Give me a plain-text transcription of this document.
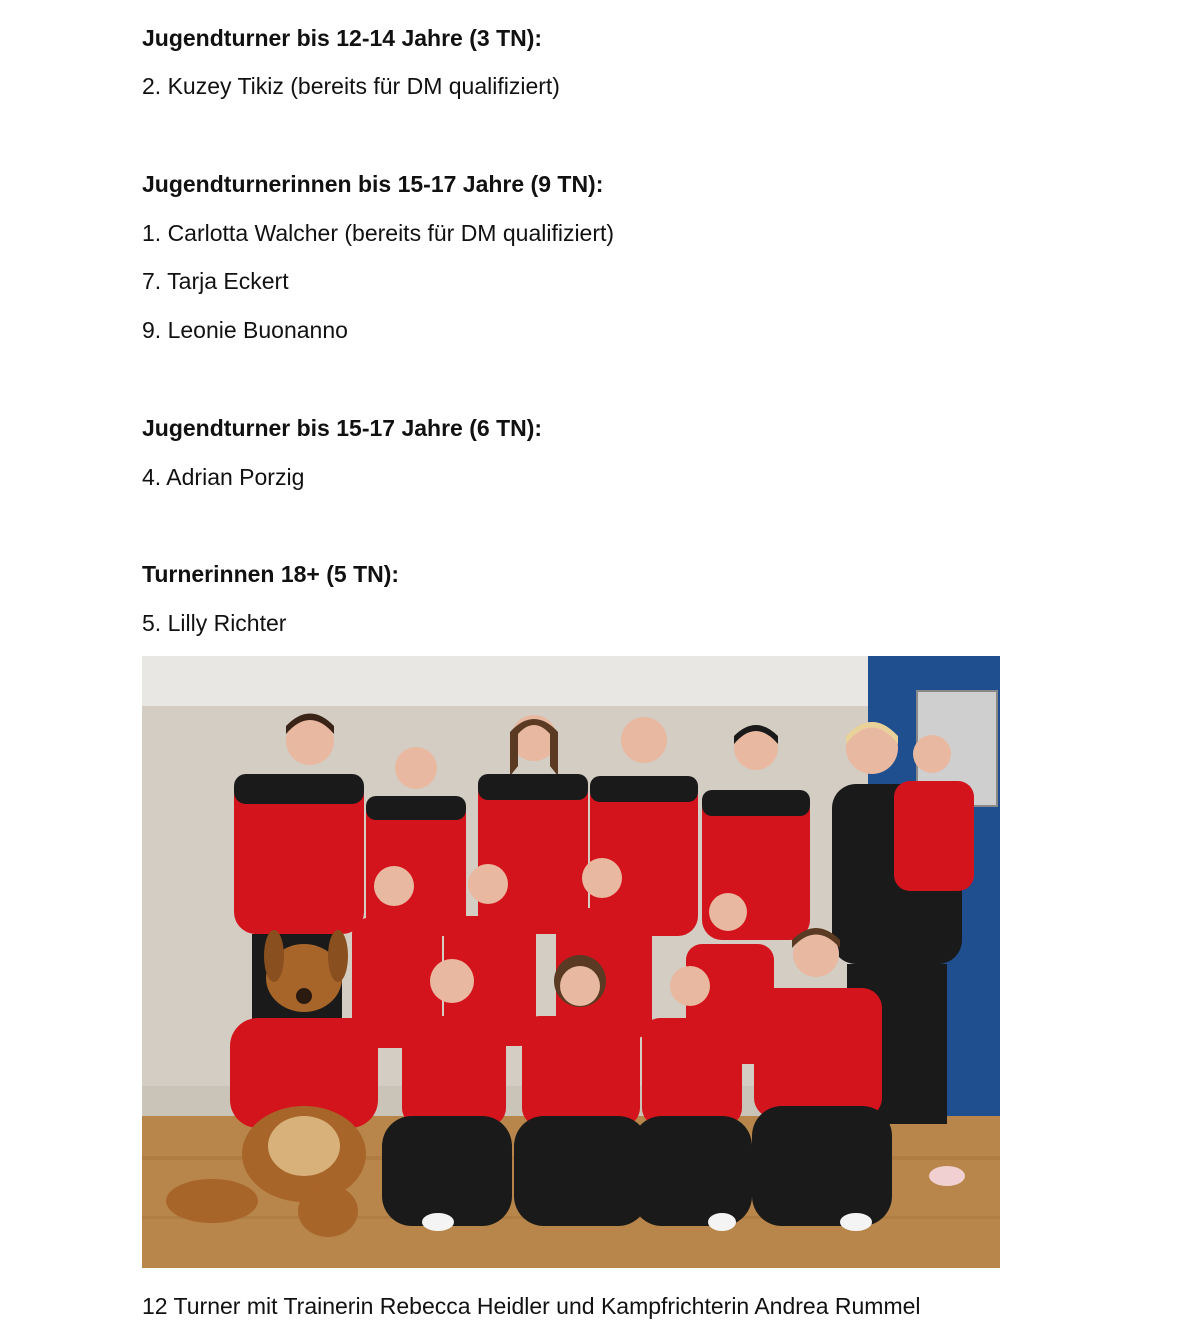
Jugendturner bis 12-14 Jahre (3 TN):
2. Kuzey Tikiz (bereits für DM qualifiziert)
Jugendturnerinnen bis 15-17 Jahre (9 TN):
1. Carlotta Walcher (bereits für DM qualifiziert)
7. Tarja Eckert
9. Leonie Buonanno
Jugendturner bis 15-17 Jahre (6 TN):
4. Adrian Porzig
Turnerinnen 18+ (5 TN):
5. Lilly Richter
12 Turner mit Trainerin Rebecca Heidler und Kampfrichterin Andrea Rummel
